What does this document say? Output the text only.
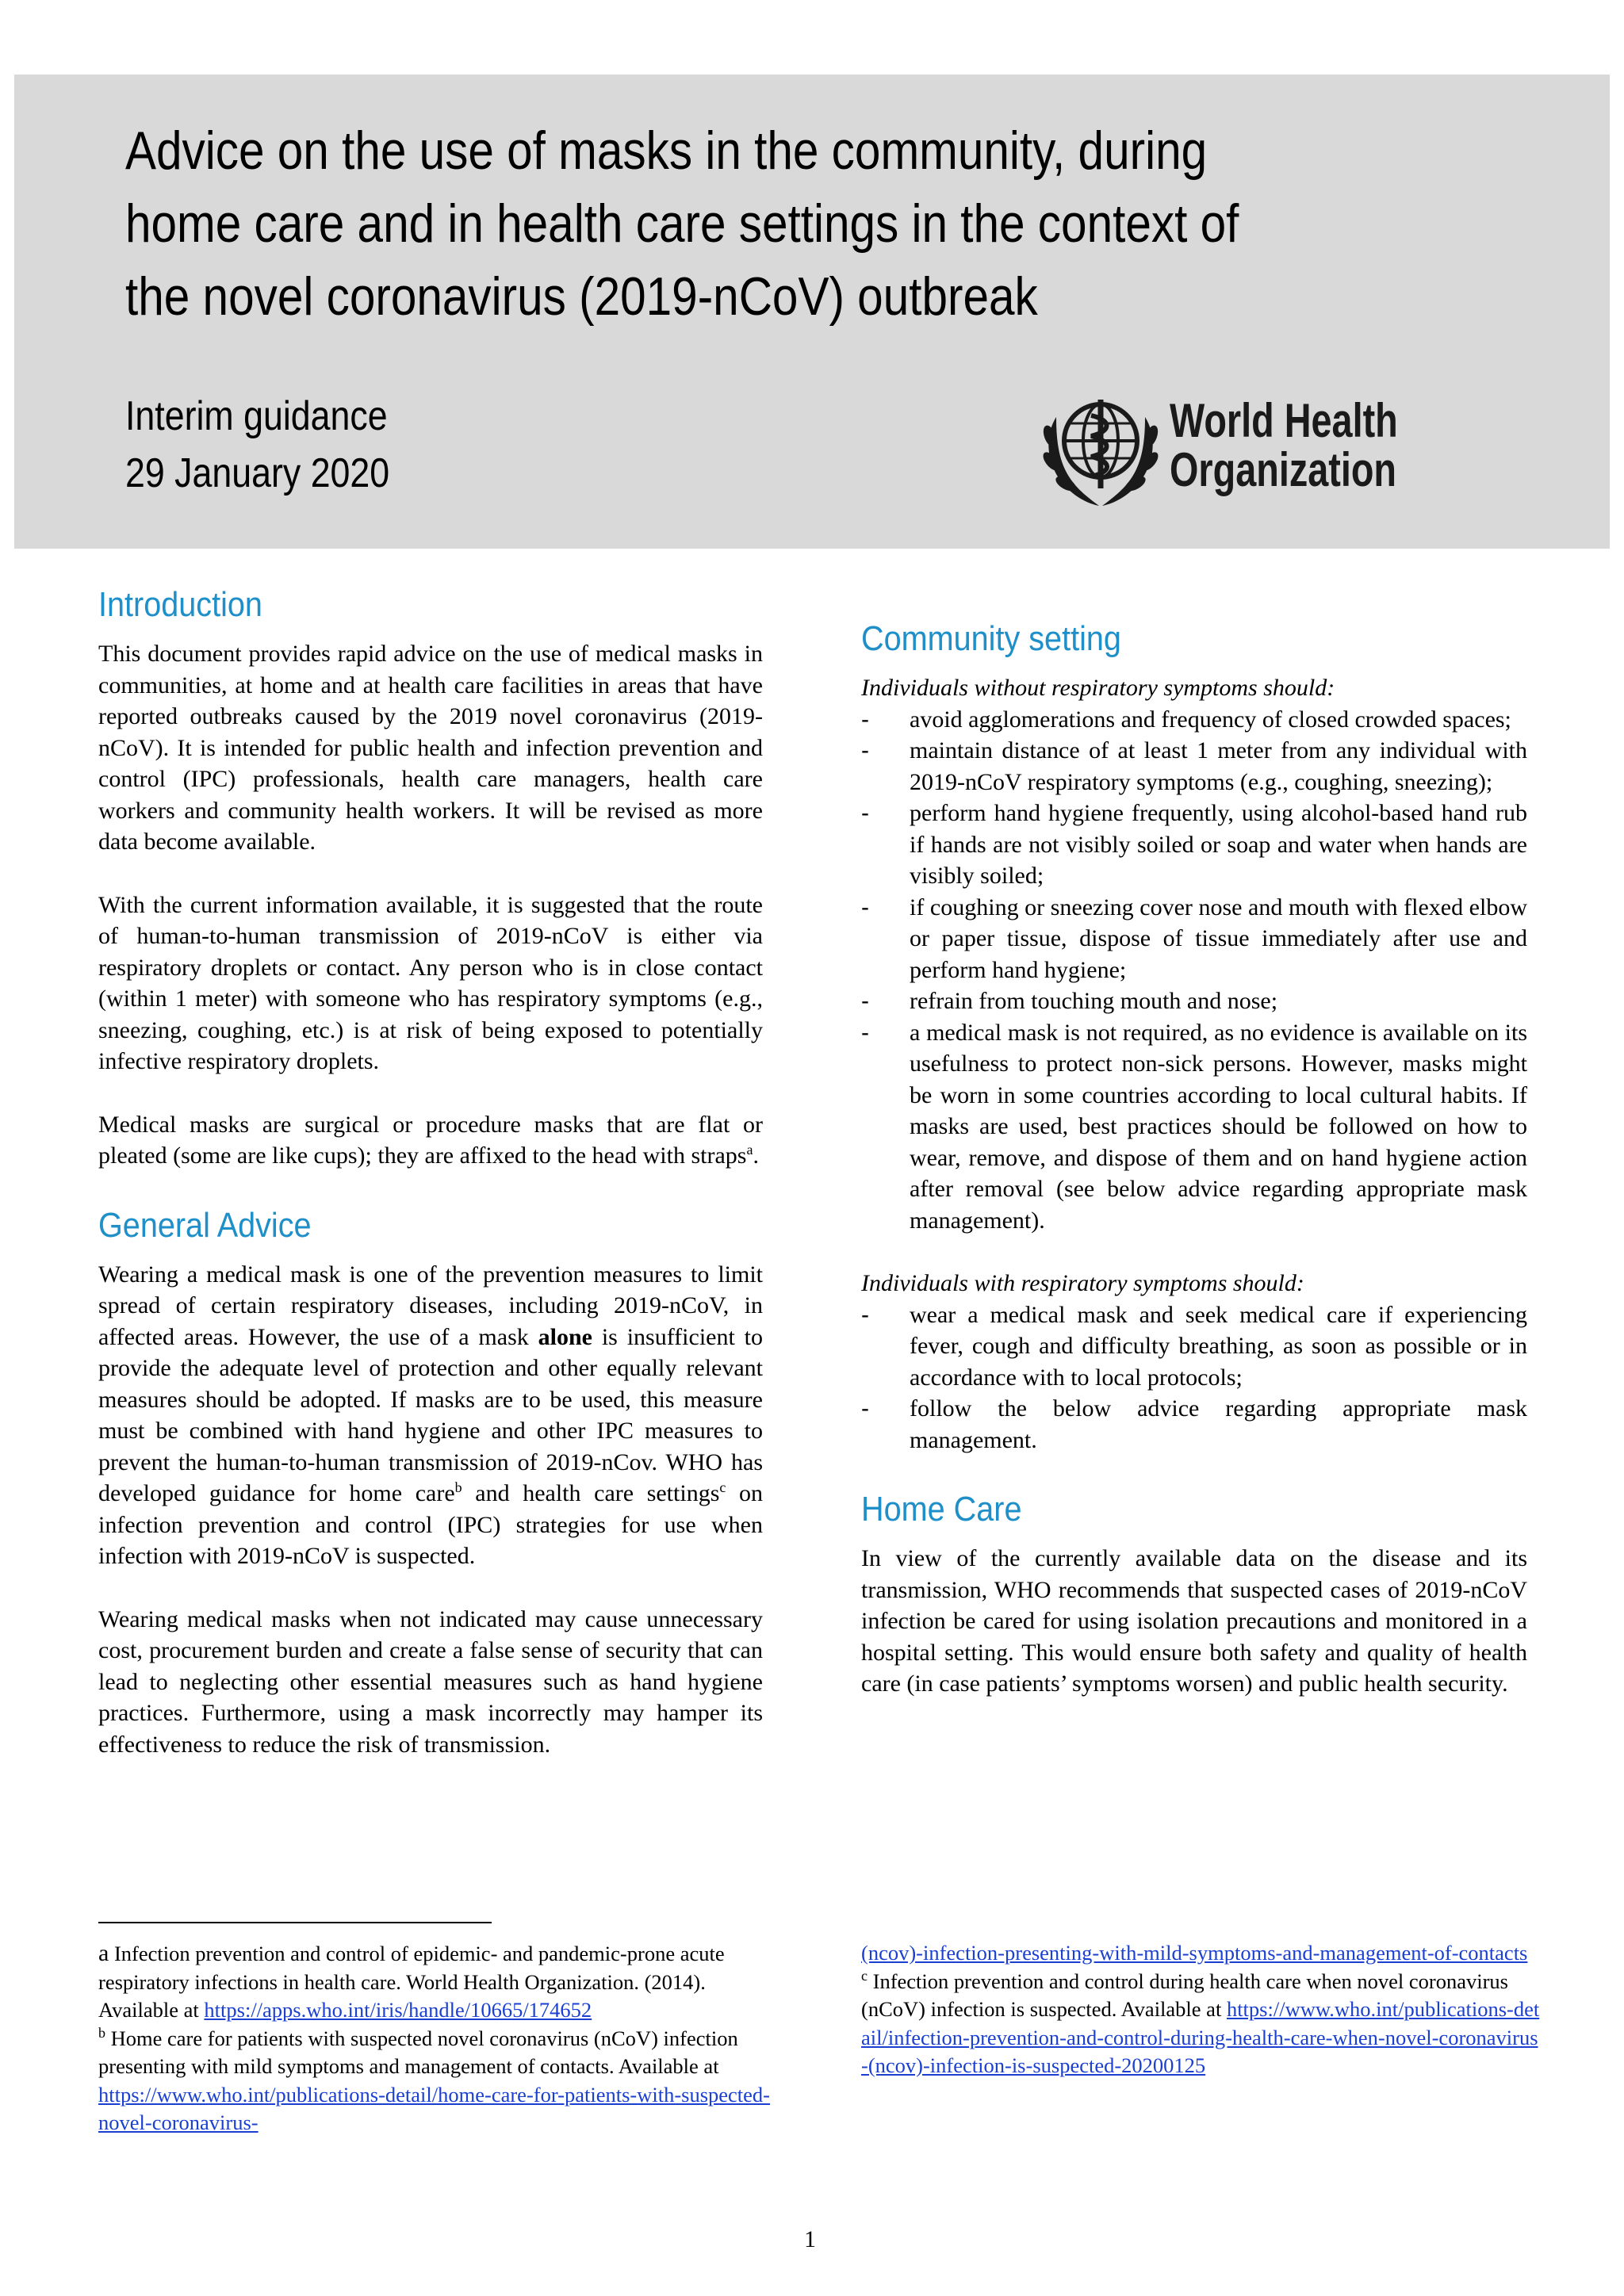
Advice on the use of masks in the community, during
home care and in health care settings in the context of
the novel coronavirus (2019-nCoV) outbreak
Interim guidance
29 January 2020
World Health
Organization
Introduction

This document provides rapid advice on the use of medical masks in communities, at home and at health care facilities in areas that have reported outbreaks caused by the 2019 novel coronavirus (2019-nCoV). It is intended for public health and infection prevention and control (IPC) professionals, health care managers, health care workers and community health workers. It will be revised as more data become available.

With the current information available, it is suggested that the route of human-to-human transmission of 2019-nCoV is either via respiratory droplets or contact. Any person who is in close contact (within 1 meter) with someone who has respiratory symptoms (e.g., sneezing, coughing, etc.) is at risk of being exposed to potentially infective respiratory droplets.

Medical masks are surgical or procedure masks that are flat or pleated (some are like cups); they are affixed to the head with straps$^a$.

General Advice

Wearing a medical mask is one of the prevention measures to limit spread of certain respiratory diseases, including 2019-nCoV, in affected areas. However, the use of a mask alone is insufficient to provide the adequate level of protection and other equally relevant measures should be adopted. If masks are to be used, this measure must be combined with hand hygiene and other IPC measures to prevent the human-to-human transmission of 2019-nCov. WHO has developed guidance for home care$^b$ and health care settings$^c$ on infection prevention and control (IPC) strategies for use when infection with 2019-nCoV is suspected.

Wearing medical masks when not indicated may cause unnecessary cost, procurement burden and create a false sense of security that can lead to neglecting other essential measures such as hand hygiene practices. Furthermore, using a mask incorrectly may hamper its effectiveness to reduce the risk of transmission.

Community setting

Individuals without respiratory symptoms should:

- avoid agglomerations and frequency of closed crowded spaces;
- maintain distance of at least 1 meter from any individual with 2019-nCoV respiratory symptoms (e.g., coughing, sneezing);
- perform hand hygiene frequently, using alcohol-based hand rub if hands are not visibly soiled or soap and water when hands are visibly soiled;
- if coughing or sneezing cover nose and mouth with flexed elbow or paper tissue, dispose of tissue immediately after use and perform hand hygiene;
- refrain from touching mouth and nose;
- a medical mask is not required, as no evidence is available on its usefulness to protect non-sick persons. However, masks might be worn in some countries according to local cultural habits. If masks are used, best practices should be followed on how to wear, remove, and dispose of them and on hand hygiene action after removal (see below advice regarding appropriate mask management).

Individuals with respiratory symptoms should:

- wear a medical mask and seek medical care if experiencing fever, cough and difficulty breathing, as soon as possible or in accordance with to local protocols;
- follow the below advice regarding appropriate mask management.
Home Care

In view of the currently available data on the disease and its transmission, WHO recommends that suspected cases of 2019-nCoV infection be cared for using isolation precautions and monitored in a hospital setting. This would ensure both safety and quality of health care (in case patients’ symptoms worsen) and public health security.

a Infection prevention and control of epidemic- and pandemic-prone acute respiratory infections in health care. World Health Organization. (2014). Available at https://apps.who.int/iris/handle/10665/174652
$^b$ Home care for patients with suspected novel coronavirus (nCoV) infection presenting with mild symptoms and management of contacts. Available at https://www.who.int/publications-detail/home-care-for-patients-with-suspected-novel-coronavirus-
(ncov)-infection-presenting-with-mild-symptoms-and-management-of-contacts
$^c$ Infection prevention and control during health care when novel coronavirus (nCoV) infection is suspected. Available at https://www.who.int/publications-detail/infection-prevention-and-control-during-health-care-when-novel-coronavirus-(ncov)-infection-is-suspected-20200125
1
